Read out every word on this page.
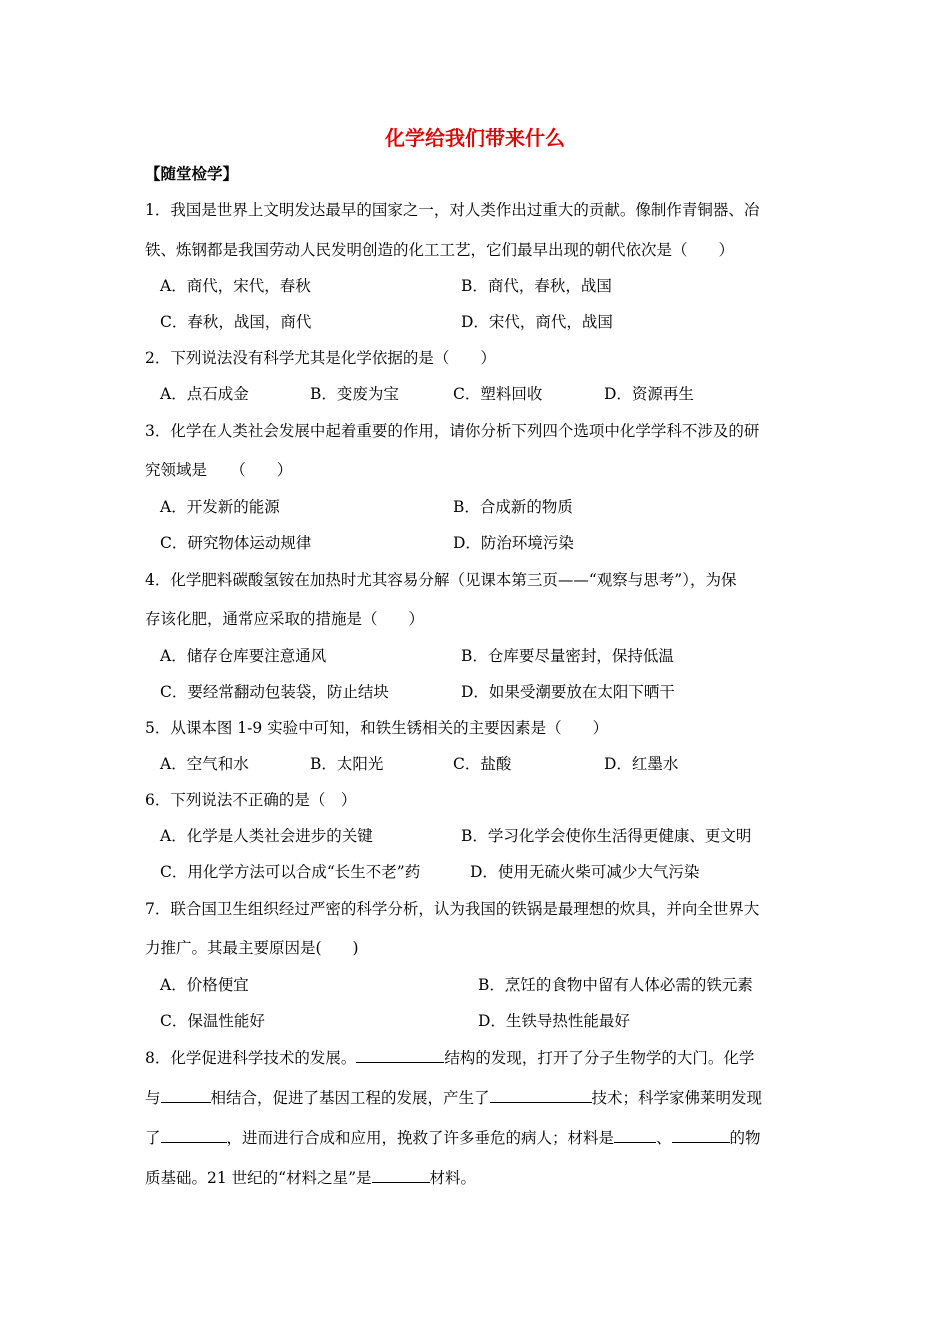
化学给我们带来什么
【随堂检学】
1．我国是世界上文明发达最早的国家之一，对人类作出过重大的贡献。像制作青铜器、冶
铁、炼钢都是我国劳动人民发明创造的化工工艺，它们最早出现的朝代依次是（　　）
A．商代，宋代，春秋	B．商代，春秋，战国
C．春秋，战国，商代	D．宋代，商代，战国
2．下列说法没有科学尤其是化学依据的是（　　）
A．点石成金	B．变废为宝	C．塑料回收	D．资源再生
3．化学在人类社会发展中起着重要的作用，请你分析下列四个选项中化学学科不涉及的研
究领域是　　（　　）
A．开发新的能源	B．合成新的物质
C．研究物体运动规律	D．防治环境污染
4．化学肥料碳酸氢铵在加热时尤其容易分解（见课本第三页——“观察与思考”），为保
存该化肥，通常应采取的措施是（　　）
A．储存仓库要注意通风	B．仓库要尽量密封，保持低温
C．要经常翻动包装袋，防止结块	D．如果受潮要放在太阳下晒干
5．从课本图 1-9 实验中可知，和铁生锈相关的主要因素是（　　）
A．空气和水	B．太阳光	C．盐酸	D．红墨水
6．下列说法不正确的是（　）
A．化学是人类社会进步的关键	B．学习化学会使你生活得更健康、更文明
C．用化学方法可以合成“长生不老”药	D．使用无硫火柴可减少大气污染
7．联合国卫生组织经过严密的科学分析，认为我国的铁锅是最理想的炊具，并向全世界大
力推广。其最主要原因是(　　)
A．价格便宜	B．烹饪的食物中留有人体必需的铁元素
C．保温性能好	D．生铁导热性能最好
8．化学促进科学技术的发展。	结构的发现，打开了分子生物学的大门。化学
与	相结合，促进了基因工程的发展，产生了	技术；科学家佛莱明发现
了	，进而进行合成和应用，挽救了许多垂危的病人；材料是	、	的物
质基础。21 世纪的“材料之星”是	材料。
